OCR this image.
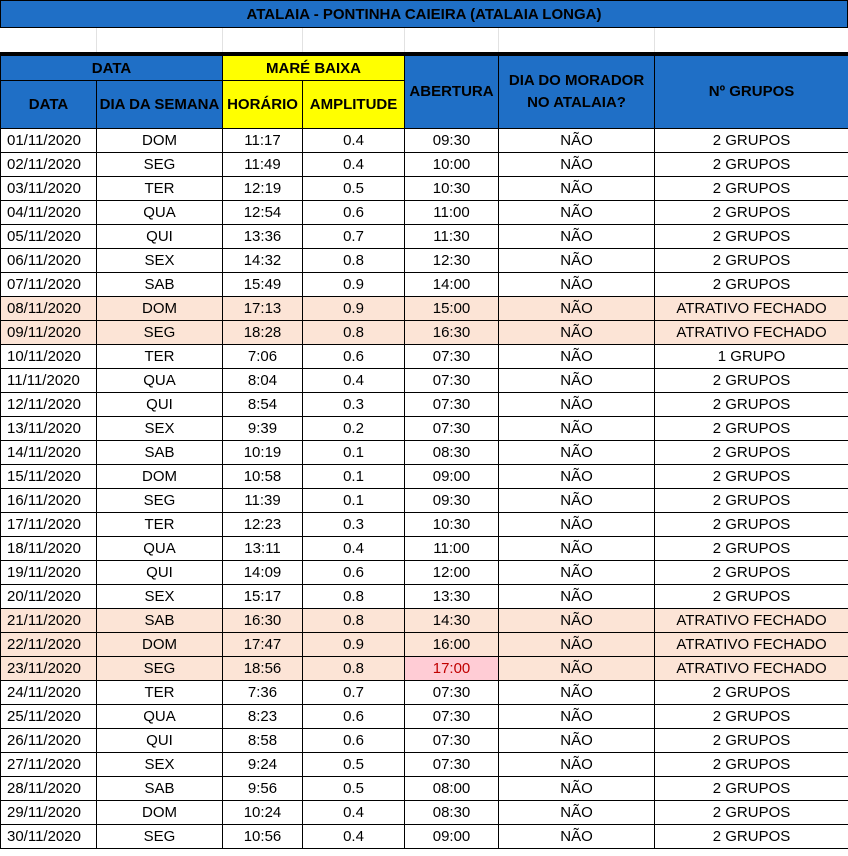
ATALAIA - PONTINHA CAIEIRA (ATALAIA LONGA)
DATA		MARÉ BAIXA		ABERTURA	DIA DO MORADOR NO ATALAIA?	Nº GRUPOS
DATA	DIA DA SEMANA	HORÁRIO	AMPLITUDE			
01/11/2020	DOM	11:17	0.4	09:30	NÃO	2 GRUPOS
02/11/2020	SEG	11:49	0.4	10:00	NÃO	2 GRUPOS
03/11/2020	TER	12:19	0.5	10:30	NÃO	2 GRUPOS
04/11/2020	QUA	12:54	0.6	11:00	NÃO	2 GRUPOS
05/11/2020	QUI	13:36	0.7	11:30	NÃO	2 GRUPOS
06/11/2020	SEX	14:32	0.8	12:30	NÃO	2 GRUPOS
07/11/2020	SAB	15:49	0.9	14:00	NÃO	2 GRUPOS
08/11/2020	DOM	17:13	0.9	15:00	NÃO	ATRATIVO FECHADO
09/11/2020	SEG	18:28	0.8	16:30	NÃO	ATRATIVO FECHADO
10/11/2020	TER	7:06	0.6	07:30	NÃO	1 GRUPO
11/11/2020	QUA	8:04	0.4	07:30	NÃO	2 GRUPOS
12/11/2020	QUI	8:54	0.3	07:30	NÃO	2 GRUPOS
13/11/2020	SEX	9:39	0.2	07:30	NÃO	2 GRUPOS
14/11/2020	SAB	10:19	0.1	08:30	NÃO	2 GRUPOS
15/11/2020	DOM	10:58	0.1	09:00	NÃO	2 GRUPOS
16/11/2020	SEG	11:39	0.1	09:30	NÃO	2 GRUPOS
17/11/2020	TER	12:23	0.3	10:30	NÃO	2 GRUPOS
18/11/2020	QUA	13:11	0.4	11:00	NÃO	2 GRUPOS
19/11/2020	QUI	14:09	0.6	12:00	NÃO	2 GRUPOS
20/11/2020	SEX	15:17	0.8	13:30	NÃO	2 GRUPOS
21/11/2020	SAB	16:30	0.8	14:30	NÃO	ATRATIVO FECHADO
22/11/2020	DOM	17:47	0.9	16:00	NÃO	ATRATIVO FECHADO
23/11/2020	SEG	18:56	0.8	17:00	NÃO	ATRATIVO FECHADO
24/11/2020	TER	7:36	0.7	07:30	NÃO	2 GRUPOS
25/11/2020	QUA	8:23	0.6	07:30	NÃO	2 GRUPOS
26/11/2020	QUI	8:58	0.6	07:30	NÃO	2 GRUPOS
27/11/2020	SEX	9:24	0.5	07:30	NÃO	2 GRUPOS
28/11/2020	SAB	9:56	0.5	08:00	NÃO	2 GRUPOS
29/11/2020	DOM	10:24	0.4	08:30	NÃO	2 GRUPOS
30/11/2020	SEG	10:56	0.4	09:00	NÃO	2 GRUPOS
